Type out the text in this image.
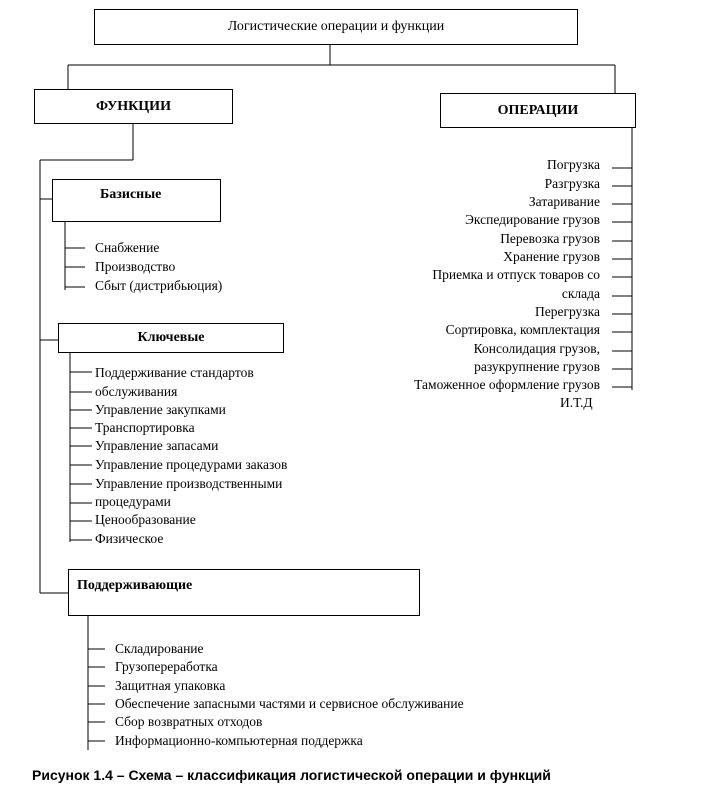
Логистические операции и функции
ФУНКЦИИ	ОПЕРАЦИИ
Базисные
Ключевые
Поддерживающие
Снабжение
Производство
Сбыт (дистрибьюция)
Поддерживание стандартов
обслуживания
Управление закупками
Транспортировка
Управление запасами
Управление процедурами заказов
Управление производственными
процедурами
Ценообразование
Физическое
Складирование
Грузопереработка
Защитная упаковка
Обеспечение запасными частями и сервисное обслуживание
Сбор возвратных отходов
Информационно-компьютерная поддержка
Погрузка
Разгрузка
Затаривание
Экспедирование грузов
Перевозка грузов
Хранение грузов
Приемка и отпуск товаров со
склада
Перегрузка
Сортировка, комплектация
Консолидация грузов,
разукрупнение грузов
Таможенное оформление грузов
И.Т.Д
Рисунок 1.4 – Схема – классификация логистической операции и функций
